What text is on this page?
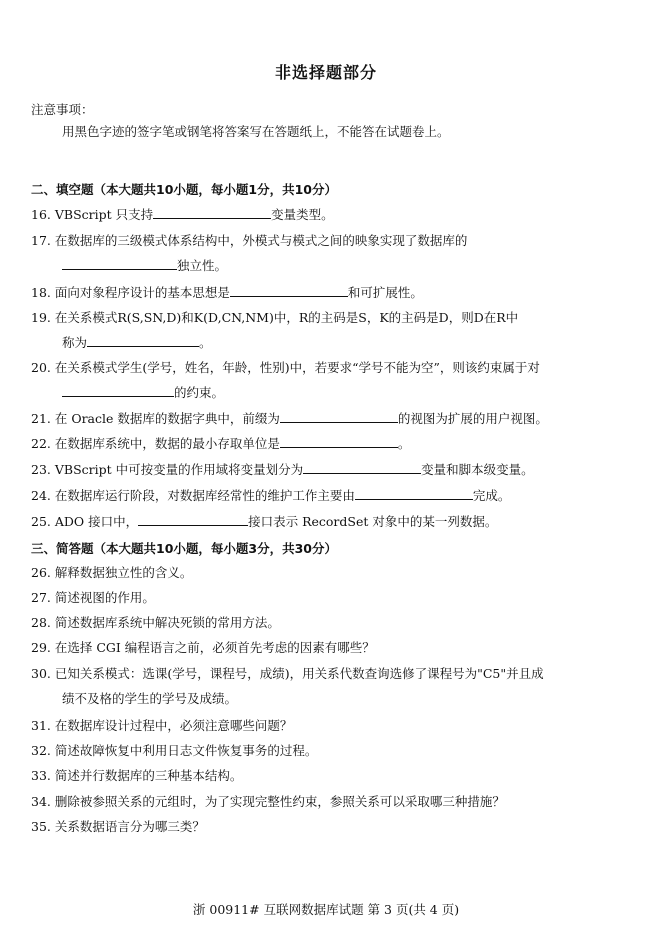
非选择题部分
注意事项：
用黑色字迹的签字笔或钢笔将答案写在答题纸上，不能答在试题卷上。
二、填空题（本大题共10小题，每小题1分，共10分）
16. VBScript 只支持	变量类型。
17. 在数据库的三级模式体系结构中，外模式与模式之间的映象实现了数据库的
独立性。
18. 面向对象程序设计的基本思想是	和可扩展性。
19. 在关系模式R(S,SN,D)和K(D,CN,NM)中，R的主码是S，K的主码是D，则D在R中
称为	。
20. 在关系模式学生(学号，姓名，年龄，性别)中，若要求“学号不能为空”，则该约束属于对
的约束。
21. 在 Oracle 数据库的数据字典中，前缀为	的视图为扩展的用户视图。
22. 在数据库系统中，数据的最小存取单位是	。
23. VBScript 中可按变量的作用域将变量划分为	变量和脚本级变量。
24. 在数据库运行阶段，对数据库经常性的维护工作主要由	完成。
25. ADO 接口中，	接口表示 RecordSet 对象中的某一列数据。
三、简答题（本大题共10小题，每小题3分，共30分）
26. 解释数据独立性的含义。
27. 简述视图的作用。
28. 简述数据库系统中解决死锁的常用方法。
29. 在选择 CGI 编程语言之前，必须首先考虑的因素有哪些？
30. 已知关系模式：选课(学号，课程号，成绩)，用关系代数查询选修了课程号为"C5"并且成
绩不及格的学生的学号及成绩。
31. 在数据库设计过程中，必须注意哪些问题？
32. 简述故障恢复中利用日志文件恢复事务的过程。
33. 简述并行数据库的三种基本结构。
34. 删除被参照关系的元组时，为了实现完整性约束，参照关系可以采取哪三种措施？
35. 关系数据语言分为哪三类？
浙 00911# 互联网数据库试题 第 3 页(共 4 页)
